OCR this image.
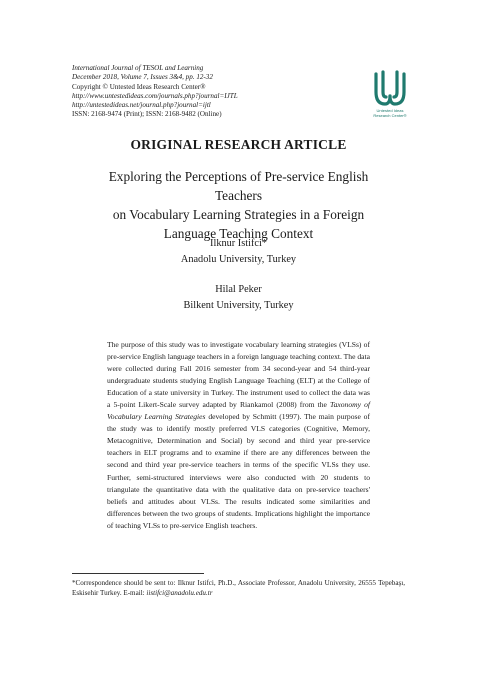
International Journal of TESOL and Learning
December 2018, Volume 7, Issues 3&4, pp. 12-32
Copyright © Untested Ideas Research Center®
http://www.untestedideas.com/journals.php?journal=IJTL
http://untestedideas.net/journal.php?journal=ijtl
ISSN: 2168-9474 (Print); ISSN: 2168-9482 (Online)	Untested Ideas
Research Center®
ORIGINAL RESEARCH ARTICLE
Exploring the Perceptions of Pre-service English Teachers
on Vocabulary Learning Strategies in a Foreign
Language Teaching Context
Ilknur Istifci*
Anadolu University, Turkey
Hilal Peker
Bilkent University, Turkey
The purpose of this study was to investigate vocabulary learning strategies (VLSs) of pre-service English language teachers in a foreign language teaching context. The data were collected during Fall 2016 semester from 34 second-year and 54 third-year undergraduate students studying English Language Teaching (ELT) at the College of Education of a state university in Turkey. The instrument used to collect the data was a 5-point Likert-Scale survey adapted by Riankamol (2008) from the Taxonomy of Vocabulary Learning Strategies developed by Schmitt (1997). The main purpose of the study was to identify mostly preferred VLS categories (Cognitive, Memory, Metacognitive, Determination and Social) by second and third year pre-service teachers in ELT programs and to examine if there are any differences between the second and third year pre-service teachers in terms of the specific VLSs they use. Further, semi-structured interviews were also conducted with 20 students to triangulate the quantitative data with the qualitative data on pre-service teachers' beliefs and attitudes about VLSs. The results indicated some similarities and differences between the two groups of students. Implications highlight the importance of teaching VLSs to pre-service English teachers.
*Correspondence should be sent to: Ilknur Istifci, Ph.D., Associate Professor, Anadolu University, 26555 Tepebaşı, Eskisehir Turkey. E-mail: iistifci@anadolu.edu.tr
